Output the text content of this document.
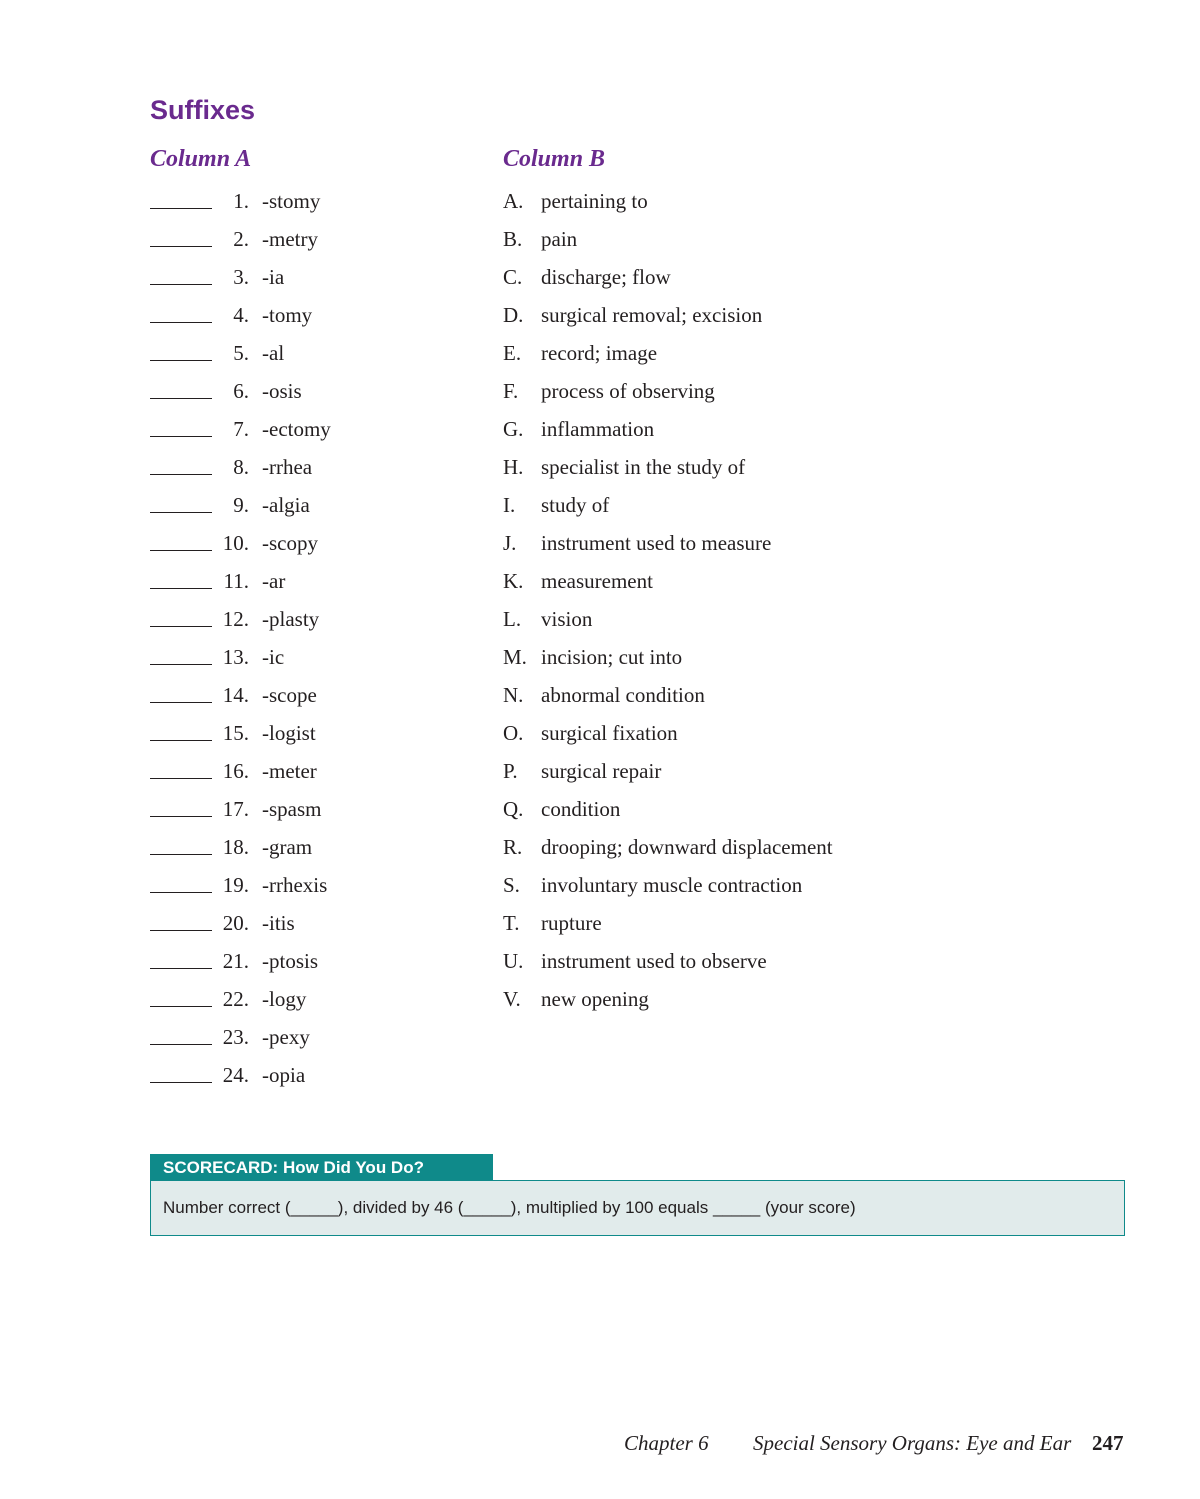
Suffixes
Column A	Column B
1. -stomy
2. -metry
3. -ia
4. -tomy
5. -al
6. -osis
7. -ectomy
8. -rrhea
9. -algia
10. -scopy
11. -ar
12. -plasty
13. -ic
14. -scope
15. -logist
16. -meter
17. -spasm
18. -gram
19. -rrhexis
20. -itis
21. -ptosis
22. -logy
23. -pexy
24. -opia
A. pertaining to
B. pain
C. discharge; flow
D. surgical removal; excision
E. record; image
F.	process of observing
G. inflammation
H. specialist in the study of
I.	study of
J.	instrument used to measure
K. measurement
L. vision
M. incision; cut into
N. abnormal condition
O. surgical fixation
P.	surgical repair
Q. condition
R. drooping; downward displacement
S.	involuntary muscle contraction
T.	rupture
U. instrument used to observe
V. new opening
SCORECARD: How Did You Do?
Number correct (_____), divided by 46 (_____), multiplied by 100 equals _____ (your score)
Chapter 6 Special Sensory Organs: Eye and Ear 247
